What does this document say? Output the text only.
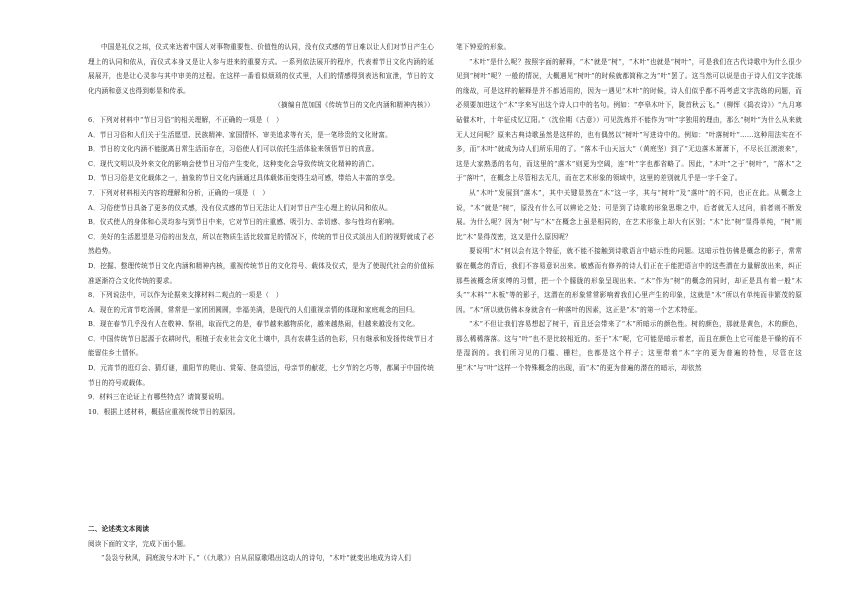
中国是礼仪之邦，仪式来达着中国人对事物重要性、价值性的认同，没有仪式感的节日难以让人们对节日产生心理上的认同和依从，而仪式本身又是让人参与进来的重要方式。一系列依法展开的程序，代表着节日文化内涵的延展展开，也是让心灵参与其中审美的过程。在这样一番看似烦琐的仪式里，人们的情感得到表达和宣泄，节日的文化内涵和意义也得到彰显和传承。

（摘编自范加国《传统节日的文化内涵和精神内核》）

6．下列对材料中“节日习俗”的相关理解，不正确的一项是（　）

A．节日习俗和人们关于生活愿望、民族精神、家国情怀、审美追求等有关，是一笔珍贵的文化财富。

B．节日的文化内涵不能脱离日常生活而存在，习俗使人们可以依托生活体验来领悟节日的真意。

C．现代文明以及外来文化的影响会使节日习俗产生变化，这种变化会导致传统文化精神的消亡。

D．节日习俗是文化载体之一，抽象的节日文化内涵通过具体载体而变得生动可感，带给人丰富的享受。

7．下列对材料相关内容的理解和分析，正确的一项是（　）

A．习俗使节日具备了更多的仪式感，没有仪式感的节日无法让人们对节日产生心理上的认同和依从。

B．仪式使人的身体和心灵均参与到节日中来，它对节日的庄重感、吸引力、亲切感、参与性均有影响。

C．美好的生活愿望是习俗的出发点，所以在物质生活比较富足的情况下，传统的节日仪式淡出人们的视野就成了必然趋势。

D．挖掘、整理传统节日文化内涵和精神内核，重视传统节日的文化符号、载体及仪式，是为了使现代社会的价值标准逐渐符合文化传统的要求。

8．下列说法中，可以作为论据来支撑材料二观点的一项是（　）

A．现在的元宵节吃汤圆，常常是一家团团圆圆，幸福美满，是现代的人们重视亲情的体现和家庭观念的回归。

B．现在春节几乎没有人在敬神、祭祖，取而代之的是，春节越来越物质化，越来越热闹，但越来越没有文化。

C．中国传统节日起源于农耕时代，根植于农业社会文化土壤中，具有农耕生活的色彩，只有继承和发扬传统节日才能留住乡土情怀。

D．元宵节的逛灯会、猜灯谜，重阳节的爬山、赏菊、登高望远，母亲节的献花，七夕节的乞巧等，都属于中国传统节日的符号或载体。

9．材料三在论证上有哪些特点？请简要说明。

10．根据上述材料，概括应重视传统节日的原因。

二、论述类文本阅读

阅读下面的文字，完成下面小题。

“袅袅兮秋风，洞庭波兮木叶下。”（《九歌》）自从屈原歌唱出这动人的诗句，“木叶”就变出地成为诗人们

笔下钟爱的形象。

“木叶”是什么呢？按照字面的解释，“木”就是“树”，“木叶”也就是“树叶”，可是我们在古代诗歌中为什么很少见到“树叶”呢？一般的情况，大概遇见“树叶”的时候就都简称之为“叶”罢了。这当然可以说是由于诗人们文字洗练的缘故，可是这样的解释是并不都适用的，因为一遇见“木叶”的时候，诗人们似乎都不再考虑文字洗练的问题，而必须要加进这个“木”字来写出这个诗人口中的名句。例如：“亭皋木叶下，陇首秋云飞。”（柳恽《捣衣诗》）“九月寒砧催木叶，十年征戍忆辽阳。”（沈佺期《古意》）可见洗炼并不能作为“叶”字独用的理由，那么“树叶”为什么从来就无人过问呢？原来古典诗歌虽然是这样的，也有偶然以“树叶”写进诗中的。例如：“叶落树叶”……这种用法实在不多，而“木叶”就成为诗人们所乐用的了。“落木千山天远大”（黄庭坚）到了“无边落木萧萧下，不尽长江滚滚来”，这是大家熟悉的名句，而这里的“落木”则更为空阔，连“叶”字也都省略了。因此，“木叶”之于“树叶”，“落木”之于“落叶”，在概念上尽管相去无几，而在艺术形象的领域中，这里的差别就几乎是一字千金了。

从“木叶”发展到“落木”，其中关键显然在“木”这一字，其与“树叶”及“落叶”的不同，也正在此。从概念上说，“木”就是“树”，原没有什么可以辨论之处；可是到了诗歌的形象思维之中，后者就无人过问，前者则不断发展。为什么呢？因为“树”与“木”在概念上虽是相同的，在艺术形象上却大有区别；“木”比“树”显得单纯，“树”则比“木”显得茂密，这又是什么原因呢？

要说明“木”何以会有这个特征，就不能不接触到诗歌语言中暗示性的问题。这暗示性仿佛是概念的影子，常常躲在概念的背后，我们不容易意识出来。敏感而有修养的诗人们正在于能把语言中的这些潜在力量解放出来，纠正那些被概念所束缚的习惯，把一个个朦胧的形象呈现出来。“木”作为“树”的概念的同时，却正是具有着一般“木头”“木料”“木板”等的影子，这潜在的形象常常影响着我们心里产生的印象，这就是“木”所以有单纯而非繁茂的原因。“木”所以就仿佛本身就含有一种落叶的因素，这正是“木”的第一个艺术特征。

“木”不但让我们容易想起了树干，而且还会带来了“木”所暗示的颜色性。树的颜色，那就是黄色，木的颜色，那么稀稀落落。这与“叶”也不是比较相近的。至于“木”呢，它可能是暗示着老，而且在颜色上它可能是干燥的而不是湿润的。我们所习见的门槛、栅栏，也都是这个样子；这里带着“木”字的更为普遍的特性，尽管在这里“木”与“叶”这样一个特殊概念的出现，而“木”的更为普遍的潜在的暗示，却依然
